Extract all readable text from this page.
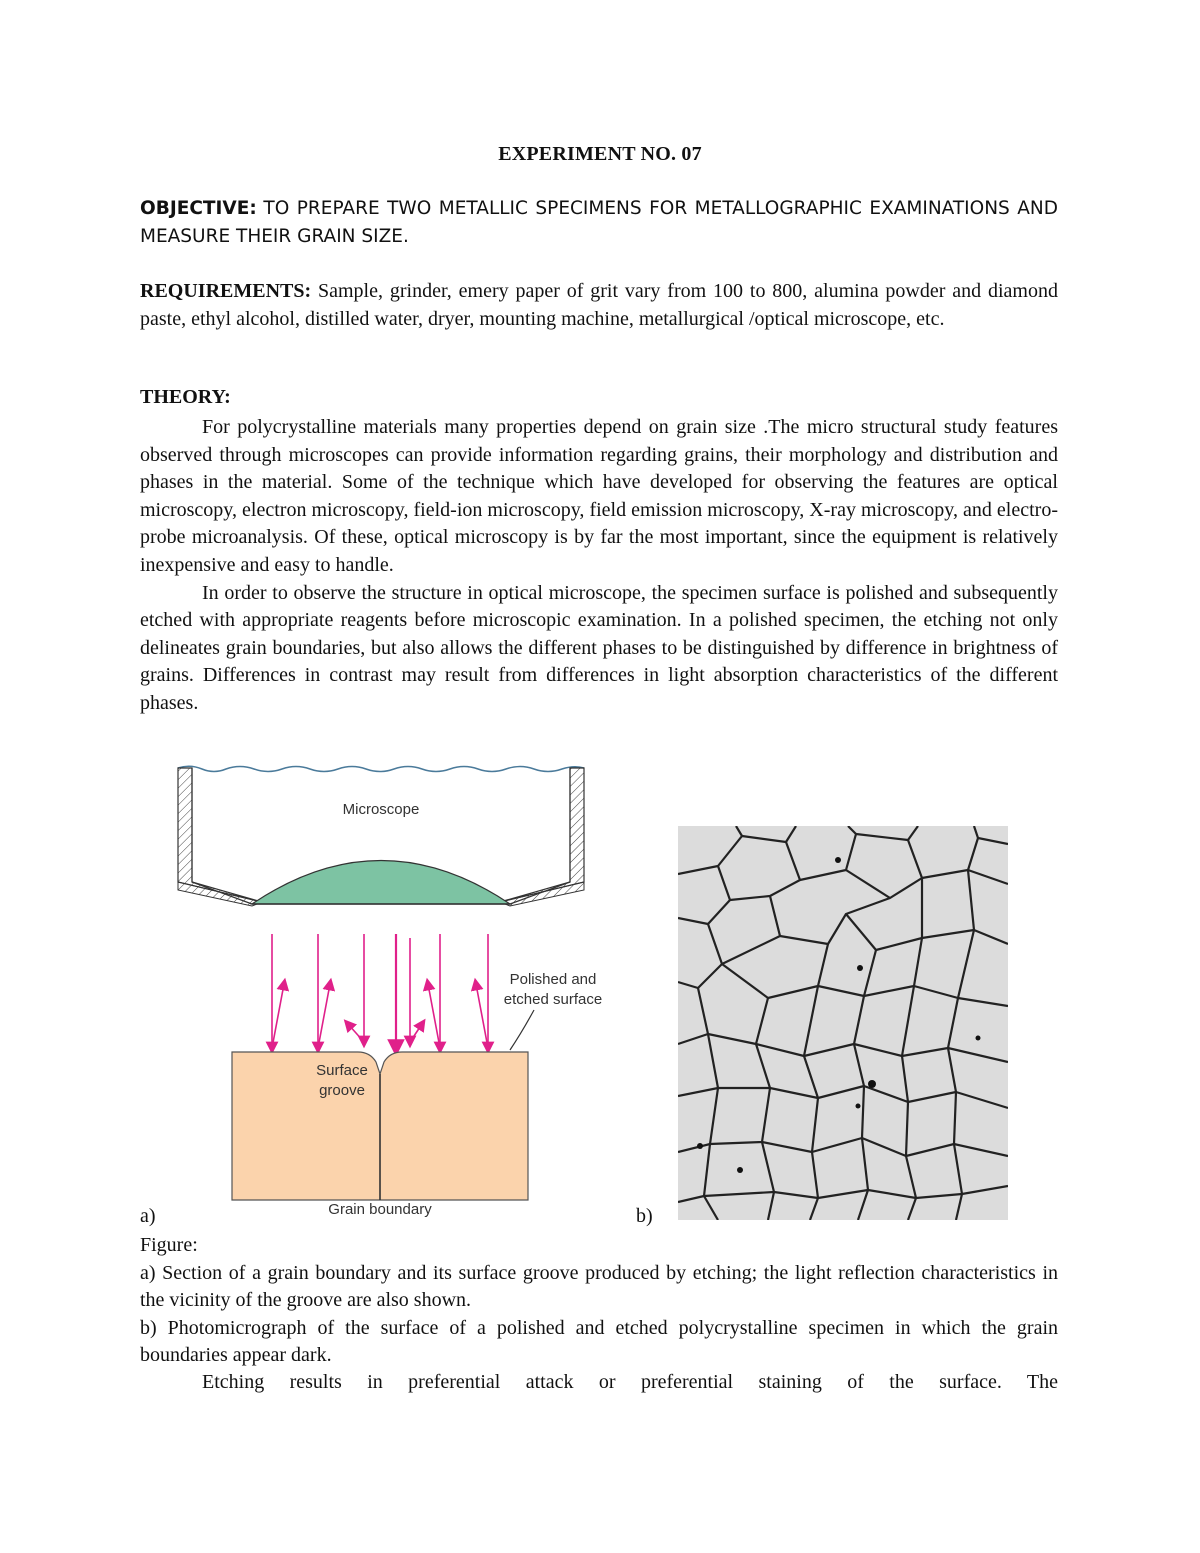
EXPERIMENT NO. 07
OBJECTIVE: TO PREPARE TWO METALLIC SPECIMENS FOR METALLOGRAPHIC EXAMINATIONS AND MEASURE THEIR GRAIN SIZE.
REQUIREMENTS: Sample, grinder, emery paper of grit vary from 100 to 800, alumina powder and diamond paste, ethyl alcohol, distilled water, dryer, mounting machine, metallurgical /optical microscope, etc.
THEORY:

For polycrystalline materials many properties depend on grain size .The micro structural study features observed through microscopes can provide information regarding grains, their morphology and distribution and phases in the material. Some of the technique which have developed for observing the features are optical microscopy, electron microscopy, field-ion microscopy, field emission microscopy, X-ray microscopy, and electro-probe microanalysis. Of these, optical microscopy is by far the most important, since the equipment is relatively inexpensive and easy to handle.

In order to observe the structure in optical microscope, the specimen surface is polished and subsequently etched with appropriate reagents before microscopic examination. In a polished specimen, the etching not only delineates grain boundaries, but also allows the different phases to be distinguished by difference in brightness of grains. Differences in contrast may result from differences in light absorption characteristics of the different phases.

Microscope
Surface
groove
Polished and
etched surface
Grain boundary
a)	b)

Figure:

a) Section of a grain boundary and its surface groove produced by etching; the light reflection characteristics in the vicinity of the groove are also shown.

b) Photomicrograph of the surface of a polished and etched polycrystalline specimen in which the grain boundaries appear dark.

Etching results in preferential attack or preferential staining of the surface. The
